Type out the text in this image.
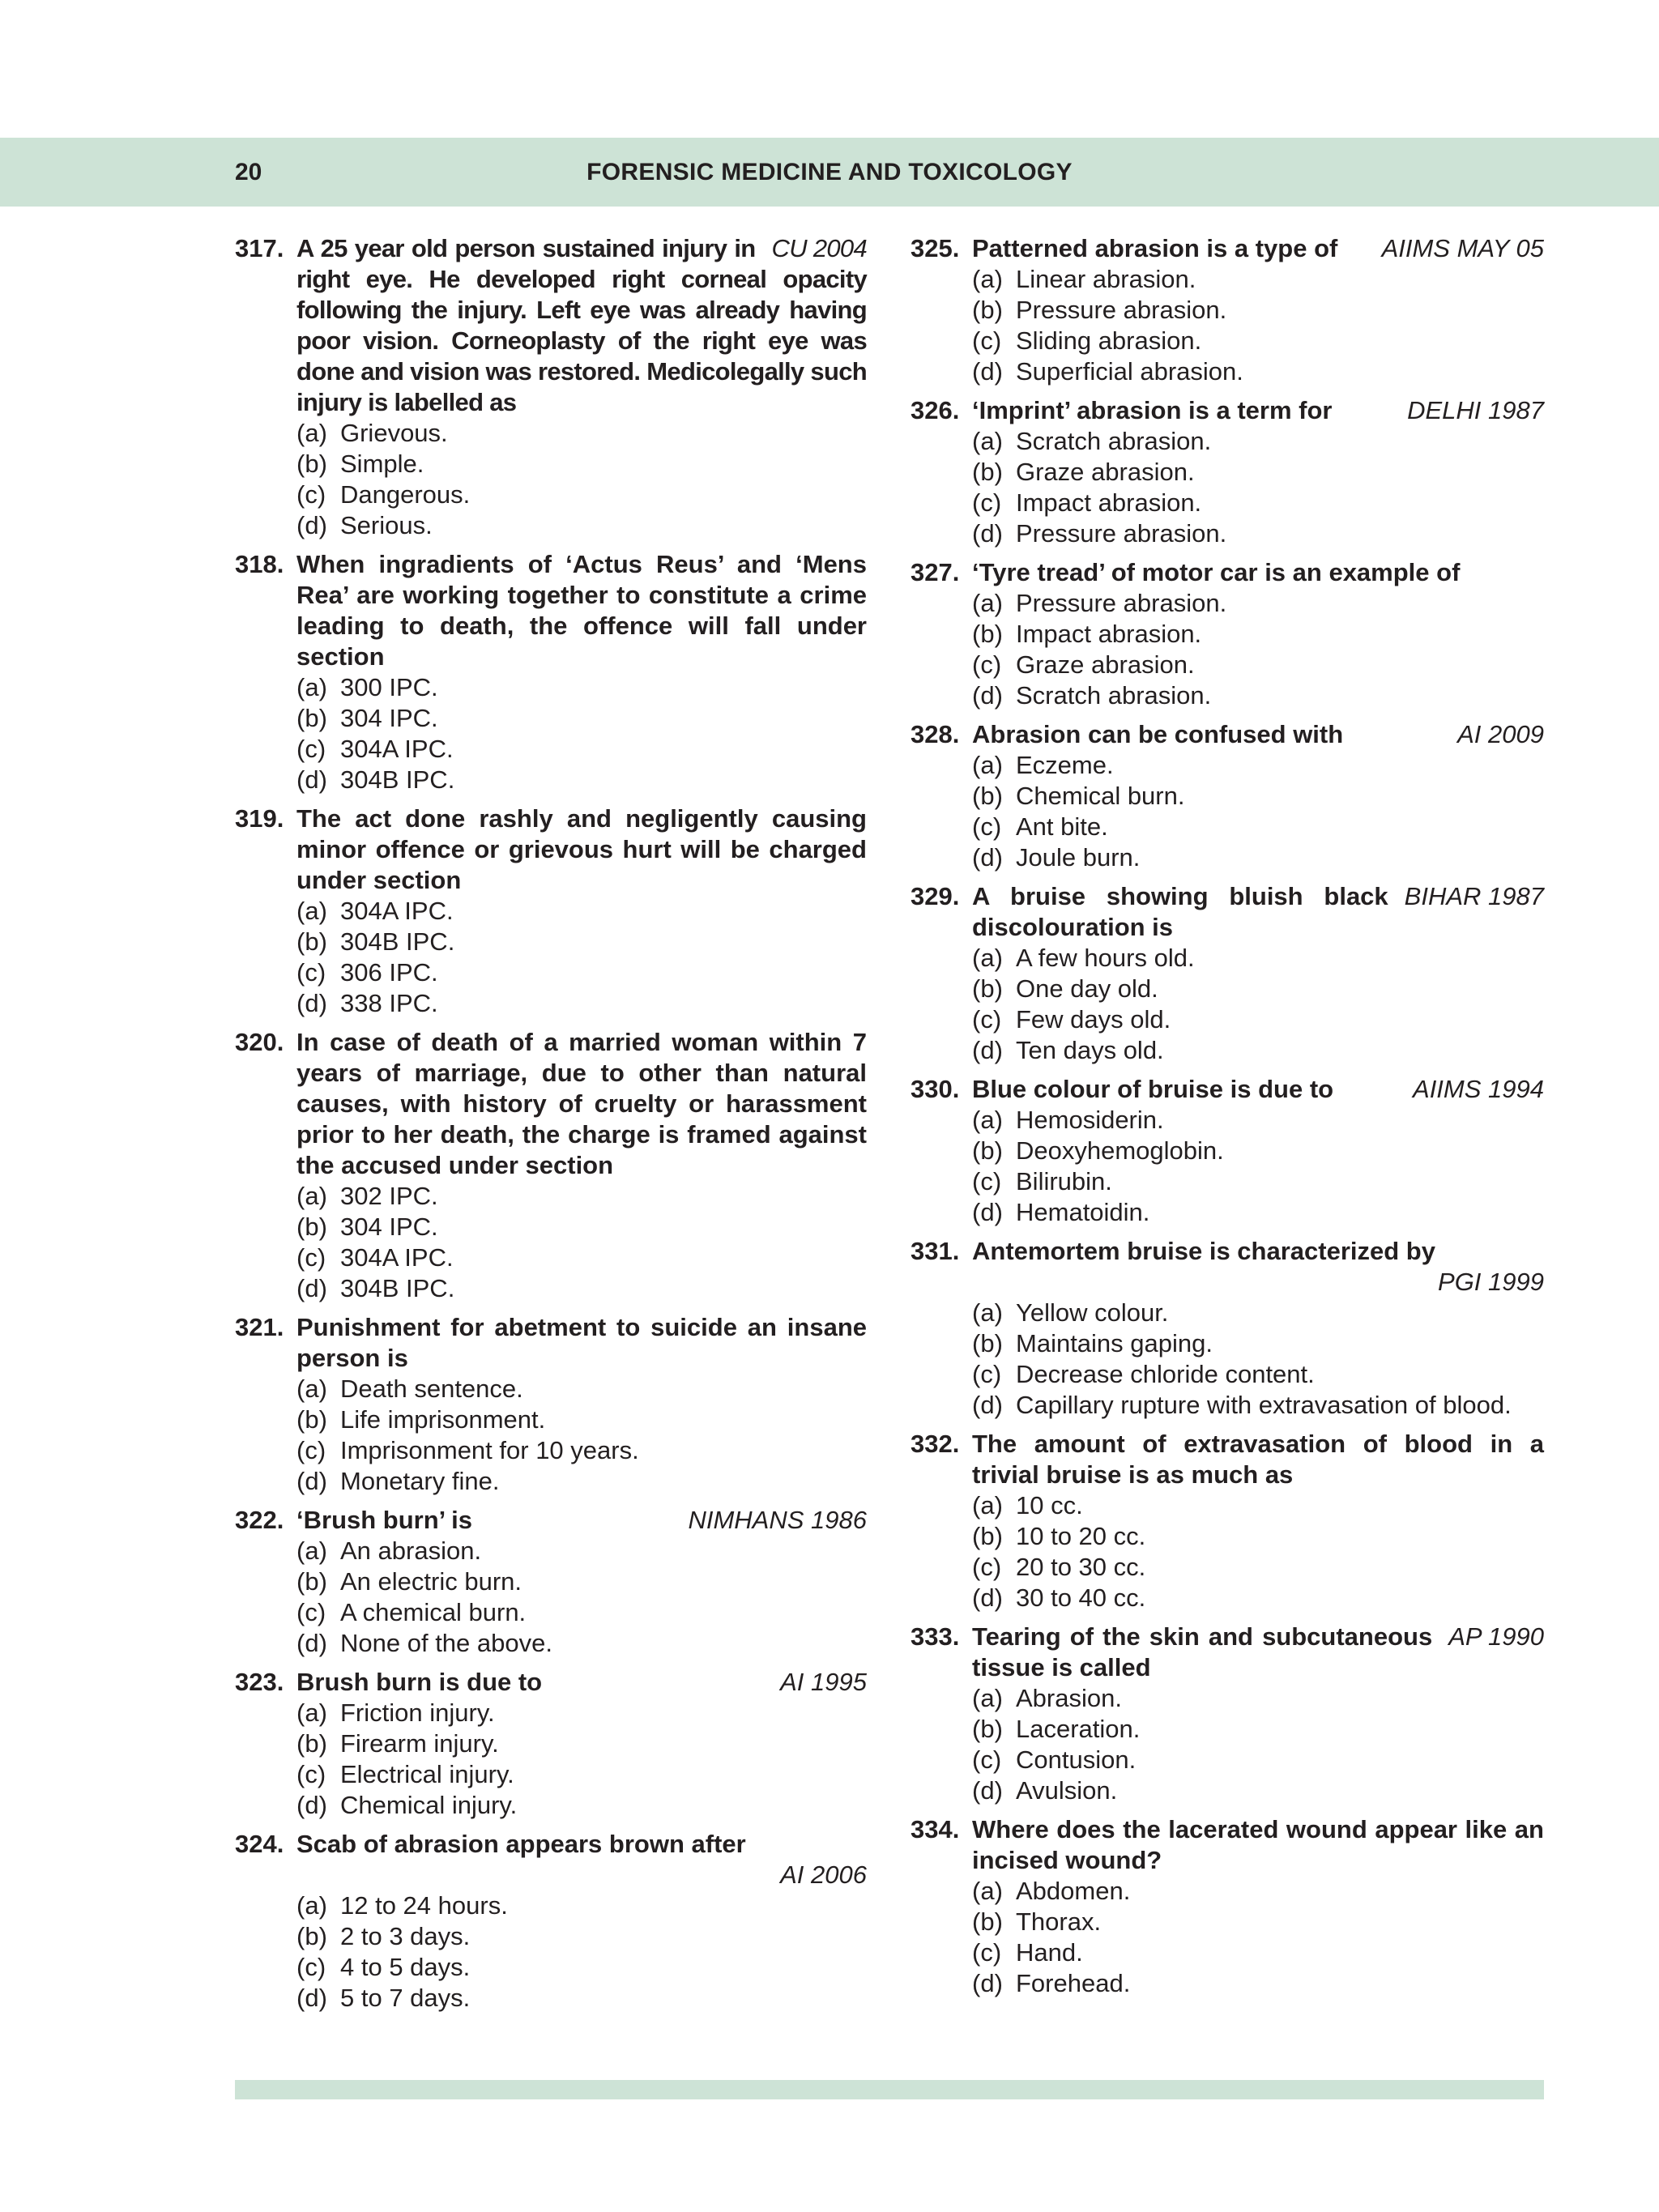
20	FORENSIC MEDICINE AND TOXICOLOGY
317.	CU 2004
A 25 year old person sustained injury in right eye. He developed right corneal opacity following the injury. Left eye was already having poor vision. Corneoplasty of the right eye was done and vision was restored. Medicolegally such injury is labelled as

(a) Grievous.
(b) Simple.
(c) Dangerous.
(d) Serious.
318. When ingradients of ‘Actus Reus’ and ‘Mens Rea’ are working together to constitute a crime leading to death, the offence will fall under section

(a) 300 IPC.
(b) 304 IPC.
(c) 304A IPC.
(d) 304B IPC.
319. The act done rashly and negligently causing minor offence or grievous hurt will be charged under section

(a) 304A IPC.
(b) 304B IPC.
(c) 306 IPC.
(d) 338 IPC.
320. In case of death of a married woman within 7 years of marriage, due to other than natural causes, with history of cruelty or harassment prior to her death, the charge is framed against the accused under section

(a) 302 IPC.
(b) 304 IPC.
(c) 304A IPC.
(d) 304B IPC.
321. Punishment for abetment to suicide an insane person is

(a) Death sentence.
(b) Life imprisonment.
(c) Imprisonment for 10 years.
(d) Monetary fine.
322.	NIMHANS 1986
‘Brush burn’ is

(a) An abrasion.
(b) An electric burn.
(c) A chemical burn.
(d) None of the above.
323.	AI 1995
Brush burn is due to

(a) Friction injury.
(b) Firearm injury.
(c) Electrical injury.
(d) Chemical injury.
324. Scab of abrasion appears brown after

AI 2006
(a) 12 to 24 hours.
(b) 2 to 3 days.
(c) 4 to 5 days.
(d) 5 to 7 days.
325.	AIIMS MAY 05
Patterned abrasion is a type of

(a) Linear abrasion.
(b) Pressure abrasion.
(c) Sliding abrasion.
(d) Superficial abrasion.
326.	DELHI 1987
‘Imprint’ abrasion is a term for

(a) Scratch abrasion.
(b) Graze abrasion.
(c) Impact abrasion.
(d) Pressure abrasion.
327. ‘Tyre tread’ of motor car is an example of

(a) Pressure abrasion.
(b) Impact abrasion.
(c) Graze abrasion.
(d) Scratch abrasion.
328.	AI 2009
Abrasion can be confused with

(a) Eczeme.
(b) Chemical burn.
(c) Ant bite.
(d) Joule burn.
329.	BIHAR 1987
A bruise showing bluish black discolouration is

(a) A few hours old.
(b) One day old.
(c) Few days old.
(d) Ten days old.
330.	AIIMS 1994
Blue colour of bruise is due to

(a) Hemosiderin.
(b) Deoxyhemoglobin.
(c) Bilirubin.
(d) Hematoidin.
331. Antemortem bruise is characterized by

PGI 1999
(a) Yellow colour.
(b) Maintains gaping.
(c) Decrease chloride content.
(d) Capillary rupture with extravasation of blood.
332. The amount of extravasation of blood in a trivial bruise is as much as

(a) 10 cc.
(b) 10 to 20 cc.
(c) 20 to 30 cc.
(d) 30 to 40 cc.
333.	AP 1990
Tearing of the skin and subcutaneous tissue is called

(a) Abrasion.
(b) Laceration.
(c) Contusion.
(d) Avulsion.
334. Where does the lacerated wound appear like an incised wound?

(a) Abdomen.
(b) Thorax.
(c) Hand.
(d) Forehead.
